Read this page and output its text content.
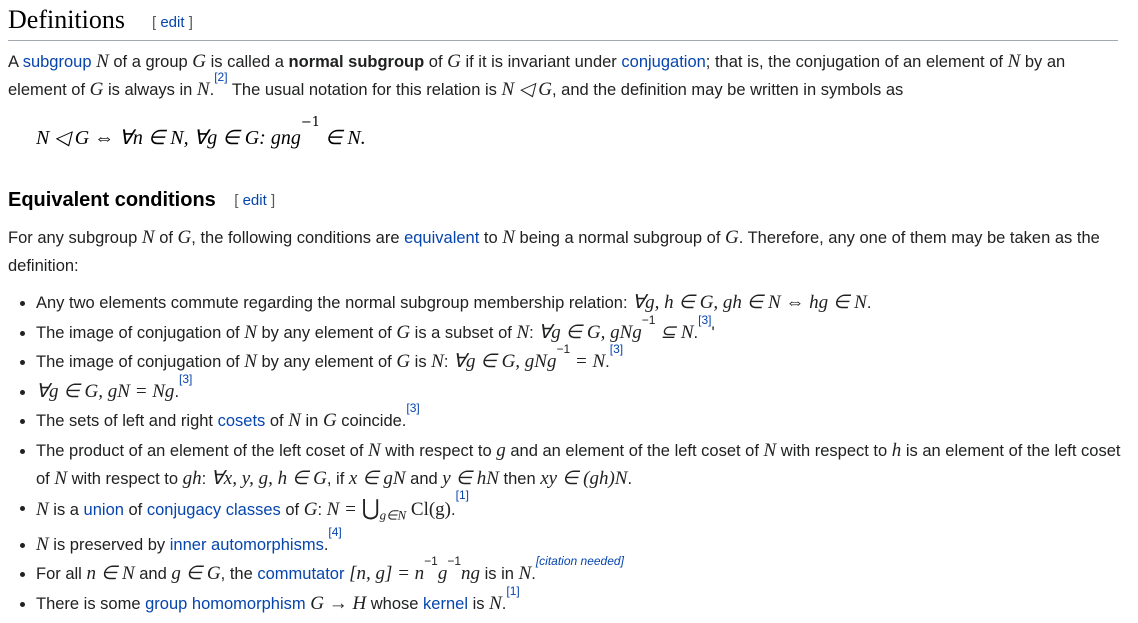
Definitions [ edit ]
A subgroup N of a group G is called a normal subgroup of G if it is invariant under conjugation; that is, the conjugation of an element of N by an element of G is always in N.[2] The usual notation for this relation is N ◁ G, and the definition may be written in symbols as
N ◁ G ⇔ ∀n ∈ N, ∀g ∈ G: gng$^{-1}$ ∈ N.
Equivalent conditions [ edit ]
For any subgroup N of G, the following conditions are equivalent to N being a normal subgroup of G. Therefore, any one of them may be taken as the definition:
Any two elements commute regarding the normal subgroup membership relation: ∀g, h ∈ G, gh ∈ N ⇔ hg ∈ N.
The image of conjugation of N by any element of G is a subset of N: ∀g ∈ G, gNg$^{-1}$ ⊆ N.[3]'
The image of conjugation of N by any element of G is N: ∀g ∈ G, gNg$^{-1}$ = N.[3]
∀g ∈ G, gN = Ng.[3]
The sets of left and right cosets of N in G coincide.[3]
The product of an element of the left coset of N with respect to g and an element of the left coset of N with respect to h is an element of the left coset of N with respect to gh: ∀x, y, g, h ∈ G, if x ∈ gN and y ∈ hN then xy ∈ (gh)N.
N is a union of conjugacy classes of G: $N = ⋃_{g\in N}$ Cl(g).[1]
N is preserved by inner automorphisms.[4]
For all n ∈ N and g ∈ G, the commutator [n, $g] = n^{-1}g^{-1}ng$ is in N.[citation needed]
There is some group homomorphism G → H whose kernel is N.[1]
